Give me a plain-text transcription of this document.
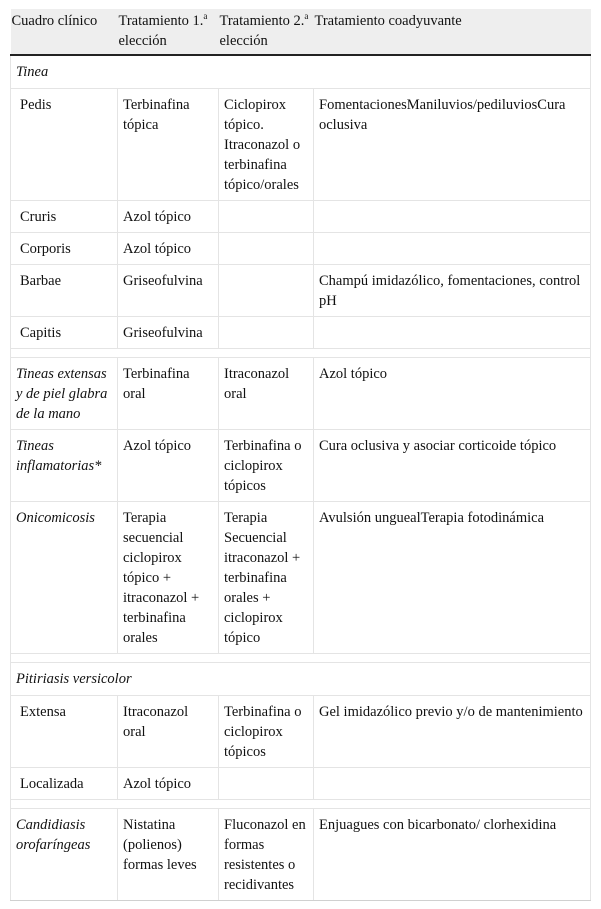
Cuadro clínico	Tratamiento 1.$^a$ elección	Tratamiento 2.$^a$ elección	Tratamiento coadyuvante
Tinea			
Pedis	Terbinafina tópica	Ciclopirox tópico. Itraconazol o terbinafina tópico/orales	FomentacionesManiluvios/pediluviosCura oclusiva
Cruris	Azol tópico		
Corporis	Azol tópico		
Barbae	Griseofulvina		Champú imidazólico, fomentaciones, control pH
Capitis	Griseofulvina		

Tineas extensas y de piel glabra de la mano	Terbinafina oral	Itraconazol oral	Azol tópico
Tineas inflamatorias*	Azol tópico	Terbinafina o ciclopirox tópicos	Cura oclusiva y asociar corticoide tópico
Onicomicosis	Terapia secuencial ciclopirox tópico + itraconazol + terbinafina orales	Terapia Secuencial itraconazol + terbinafina orales + ciclopirox tópico	Avulsión unguealTerapia fotodinámica

Pitiriasis versicolor			
Extensa	Itraconazol oral	Terbinafina o ciclopirox tópicos	Gel imidazólico previo y/o de mantenimiento
Localizada	Azol tópico		

Candidiasis orofaríngeas	Nistatina (polienos) formas leves	Fluconazol en formas resistentes o recidivantes	Enjuagues con bicarbonato/ clorhexidina
